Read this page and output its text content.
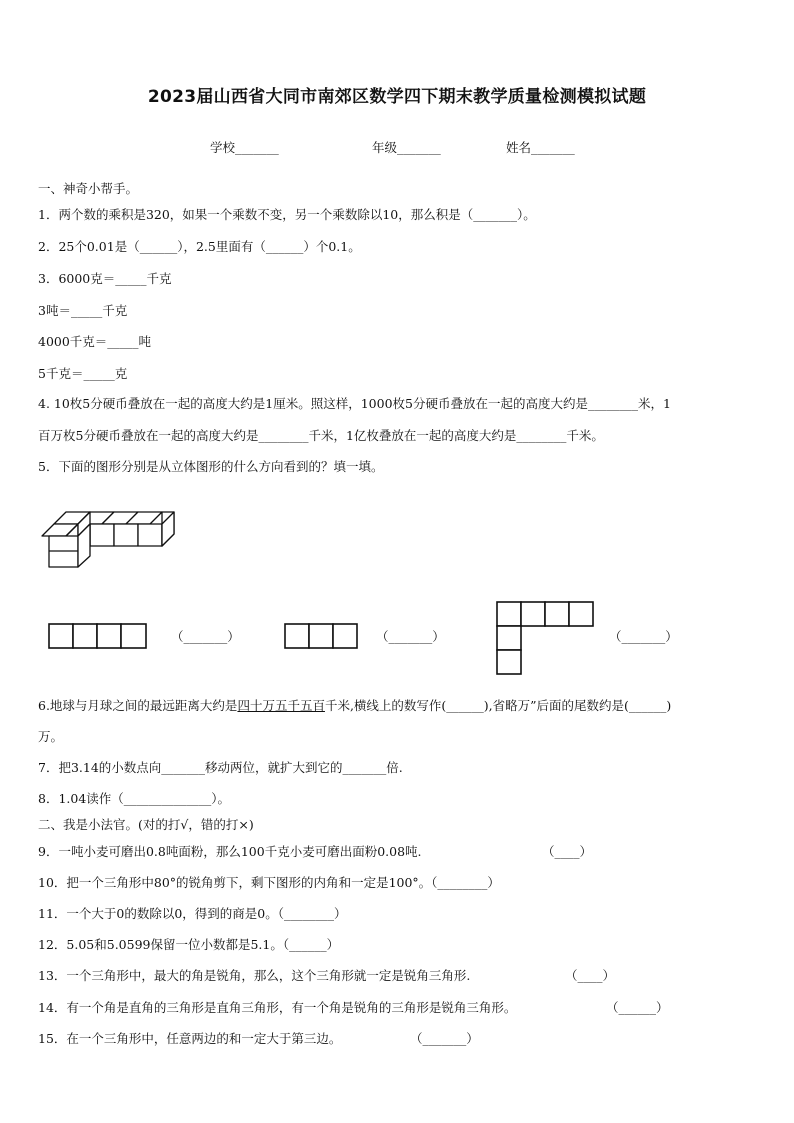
2023届山西省大同市南郊区数学四下期末教学质量检测模拟试题
学校_______	年级_______	姓名_______
一、神奇小帮手。
1．两个数的乘积是320，如果一个乘数不变，另一个乘数除以10，那么积是（_______）。
2．25个0.01是（______），2.5里面有（______）个0.1。
3．6000克＝_____千克
3吨＝_____千克
4000千克＝_____吨
5千克＝_____克
4. 10枚5分硬币叠放在一起的高度大约是1厘米。照这样，1000枚5分硬币叠放在一起的高度大约是________米，1
百万枚5分硬币叠放在一起的高度大约是________千米，1亿枚叠放在一起的高度大约是________千米。
5．下面的图形分别是从立体图形的什么方向看到的？填一填。
（_______）	（_______）	（_______）
6.地球与月球之间的最远距离大约是四十万五千五百千米,横线上的数写作(______),省略万”后面的尾数约是(______)
万。
7．把3.14的小数点向_______移动两位，就扩大到它的_______倍.
8．1.04读作（______________）。
二、我是小法官。(对的打√，错的打×)
9．一吨小麦可磨出0.8吨面粉，那么100千克小麦可磨出面粉0.08吨.	（____）
10．把一个三角形中80°的锐角剪下，剩下图形的内角和一定是100°。（________）
11．一个大于0的数除以0，得到的商是0。（________）
12．5.05和5.0599保留一位小数都是5.1。（______）
13．一个三角形中，最大的角是锐角，那么，这个三角形就一定是锐角三角形.	（____）
14．有一个角是直角的三角形是直角三角形，有一个角是锐角的三角形是锐角三角形。	（______）
15．在一个三角形中，任意两边的和一定大于第三边。	（_______）
